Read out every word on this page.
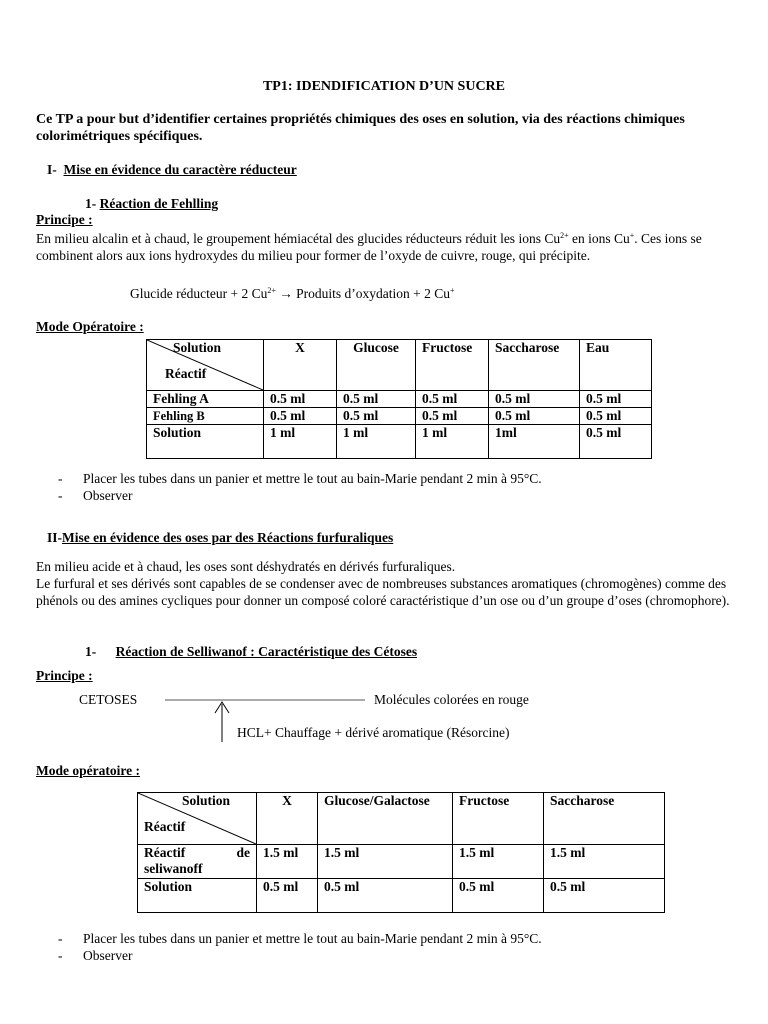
TP1: IDENDIFICATION D’UN SUCRE
Ce TP a pour but d’identifier certaines propriétés chimiques des oses en solution, via des réactions chimiques colorimétriques spécifiques.
I- Mise en évidence du caractère réducteur
1- Réaction de Fehlling
Principe :
En milieu alcalin et à chaud, le groupement hémiacétal des glucides réducteurs réduit les ions $Cu^{2+}$ en ions Cu+. Ces ions se combinent alors aux ions hydroxydes du milieu pour former de l’oxyde de cuivre, rouge, qui précipite.
Glucide réducteur + 2 $Cu^{2+}$ → Produits d’oxydation + 2 Cu+
Mode Opératoire :
Solution
Réactif	X	Glucose	Fructose	Saccharose	Eau
Fehling A	0.5 ml	0.5 ml	0.5 ml	0.5 ml	0.5 ml
Fehling B	0.5 ml	0.5 ml	0.5 ml	0.5 ml	0.5 ml
Solution	1 ml	1 ml	1 ml	1ml	0.5 ml
- Placer les tubes dans un panier et mettre le tout au bain-Marie pendant 2 min à 95°C.
- Observer
II-Mise en évidence des oses par des Réactions furfuraliques
En milieu acide et à chaud, les oses sont déshydratés en dérivés furfuraliques.
Le furfural et ses dérivés sont capables de se condenser avec de nombreuses substances aromatiques (chromogènes) comme des phénols ou des amines cycliques pour donner un composé coloré caractéristique d’un ose ou d’un groupe d’oses (chromophore).
1- Réaction de Selliwanof : Caractéristique des Cétoses
Principe :
CETOSES	Molécules colorées en rouge
HCL+ Chauffage + dérivé aromatique (Résorcine)
Mode opératoire :
Solution
Réactif	X	Glucose/Galactose	Fructose	Saccharose

Réactif de
seliwanoff	1.5 ml	1.5 ml	1.5 ml	1.5 ml
Solution	0.5 ml	0.5 ml	0.5 ml	0.5 ml
- Placer les tubes dans un panier et mettre le tout au bain-Marie pendant 2 min à 95°C.
- Observer
